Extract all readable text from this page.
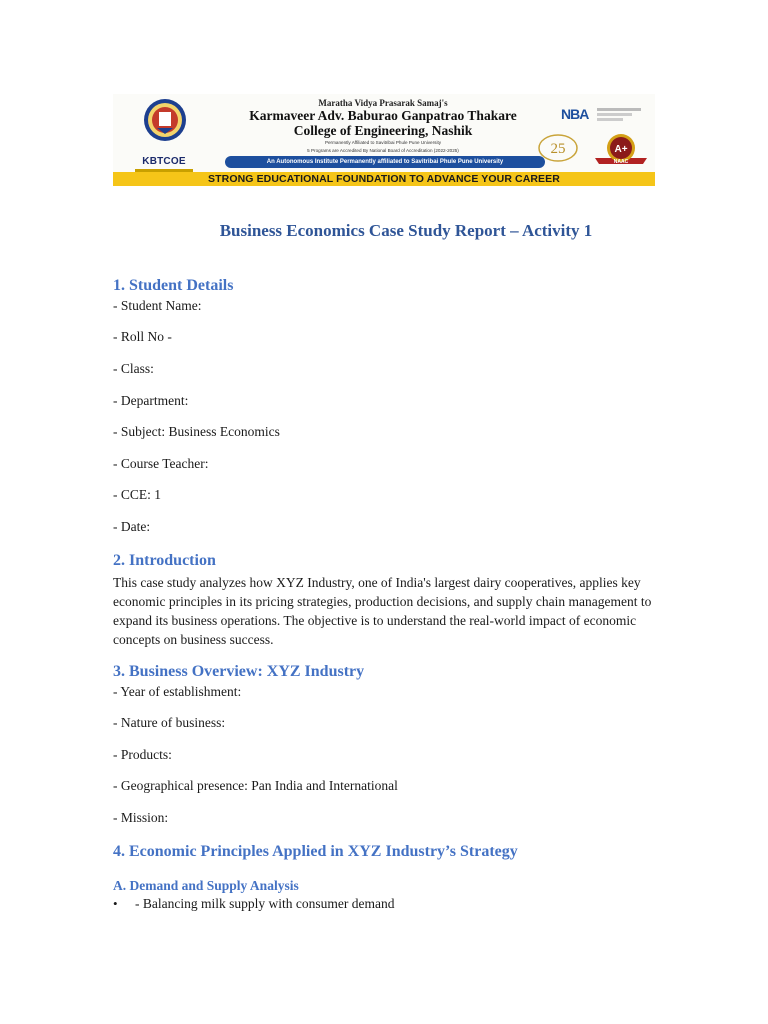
KBTCOE
Maratha Vidya Prasarak Samaj's
Karmaveer Adv. Baburao Ganpatrao Thakare
College of Engineering, Nashik
Permanently Affiliated to Savitribai Phule Pune University
5 Programs are Accredited By National Board of Accreditation (2022-2025)
An Autonomous Institute Permanently affiliated to Savitribai Phule Pune University
NBA
25	A+
NAAC
STRONG EDUCATIONAL FOUNDATION TO ADVANCE YOUR CAREER
Business Economics Case Study Report – Activity 1
1. Student Details
- Student Name:
- Roll No -
- Class:
- Department:
- Subject: Business Economics
- Course Teacher:
- CCE: 1
- Date:
2. Introduction
This case study analyzes how XYZ Industry, one of India's largest dairy cooperatives, applies key economic principles in its pricing strategies, production decisions, and supply chain management to expand its business operations. The objective is to understand the real-world impact of economic concepts on business success.
3. Business Overview: XYZ Industry
- Year of establishment:
- Nature of business:
- Products:
- Geographical presence: Pan India and International
- Mission:
4. Economic Principles Applied in XYZ Industry’s Strategy
A. Demand and Supply Analysis
• - Balancing milk supply with consumer demand
